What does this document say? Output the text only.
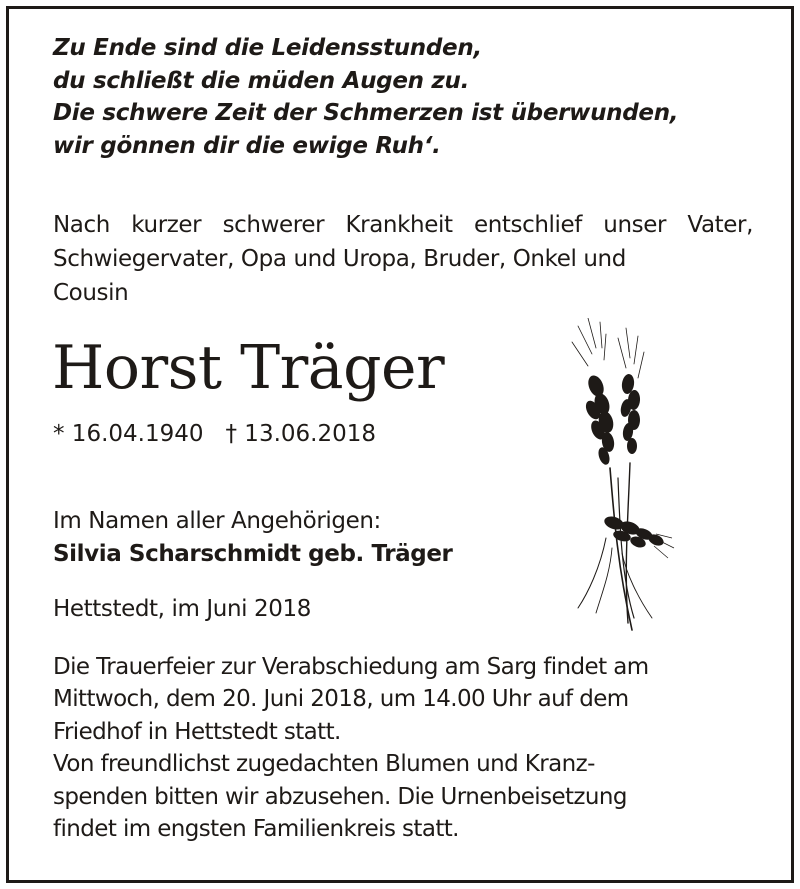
Zu Ende sind die Leidensstunden,
du schließt die müden Augen zu.
Die schwere Zeit der Schmerzen ist überwunden,
wir gönnen dir die ewige Ruh‘.
Nach kurzer schwerer Krankheit entschlief unser Vater,
Schwiegervater, Opa und Uropa, Bruder, Onkel und
Cousin
Horst Träger
* 16.04.1940 † 13.06.2018
Im Namen aller Angehörigen:
Silvia Scharschmidt geb. Träger
Hettstedt, im Juni 2018
Die Trauerfeier zur Verabschiedung am Sarg findet am
Mittwoch, dem 20. Juni 2018, um 14.00 Uhr auf dem
Friedhof in Hettstedt statt.
Von freundlichst zugedachten Blumen und Kranz-
spenden bitten wir abzusehen. Die Urnenbeisetzung
findet im engsten Familienkreis statt.
